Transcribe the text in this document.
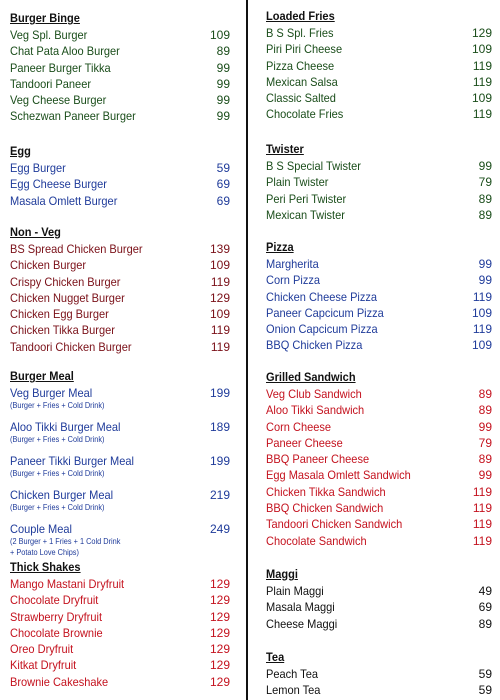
Burger Binge
Veg Spl. Burger	109
Chat Pata Aloo Burger	89
Paneer Burger Tikka	99
Tandoori Paneer	99
Veg Cheese Burger	99
Schezwan Paneer Burger	99
Egg
Egg Burger	59
Egg Cheese Burger	69
Masala Omlett Burger	69
Non - Veg
BS Spread Chicken Burger	139
Chicken Burger	109
Crispy Chicken Burger	119
Chicken Nugget Burger	129
Chicken Egg Burger	109
Chicken Tikka Burger	119
Tandoori Chicken Burger	119
Burger Meal
Veg Burger Meal	199
(Burger + Fries + Cold Drink)
Aloo Tikki Burger Meal	189
(Burger + Fries + Cold Drink)
Paneer Tikki Burger Meal	199
(Burger + Fries + Cold Drink)
Chicken Burger Meal	219
(Burger + Fries + Cold Drink)
Couple Meal	249
(2 Burger + 1 Fries + 1 Cold Drink
+ Potato Love Chips)
Thick Shakes
Mango Mastani Dryfruit	129
Chocolate Dryfruit	129
Strawberry Dryfruit	129
Chocolate Brownie	129
Oreo Dryfruit	129
Kitkat Dryfruit	129
Brownie Cakeshake	129
Loaded Fries
B S Spl. Fries	129
Piri Piri Cheese	109
Pizza Cheese	119
Mexican Salsa	119
Classic Salted	109
Chocolate Fries	119
Twister
B S Special Twister	99
Plain Twister	79
Peri Peri Twister	89
Mexican Twister	89
Pizza
Margherita	99
Corn Pizza	99
Chicken Cheese Pizza	119
Paneer Capcicum Pizza	109
Onion Capcicum Pizza	119
BBQ Chicken Pizza	109
Grilled Sandwich
Veg Club Sandwich	89
Aloo Tikki Sandwich	89
Corn Cheese	99
Paneer Cheese	79
BBQ Paneer Cheese	89
Egg Masala Omlett Sandwich	99
Chicken Tikka Sandwich	119
BBQ Chicken Sandwich	119
Tandoori Chicken Sandwich	119
Chocolate Sandwich	119
Maggi
Plain Maggi	49
Masala Maggi	69
Cheese Maggi	89
Tea
Peach Tea	59
Lemon Tea	59
